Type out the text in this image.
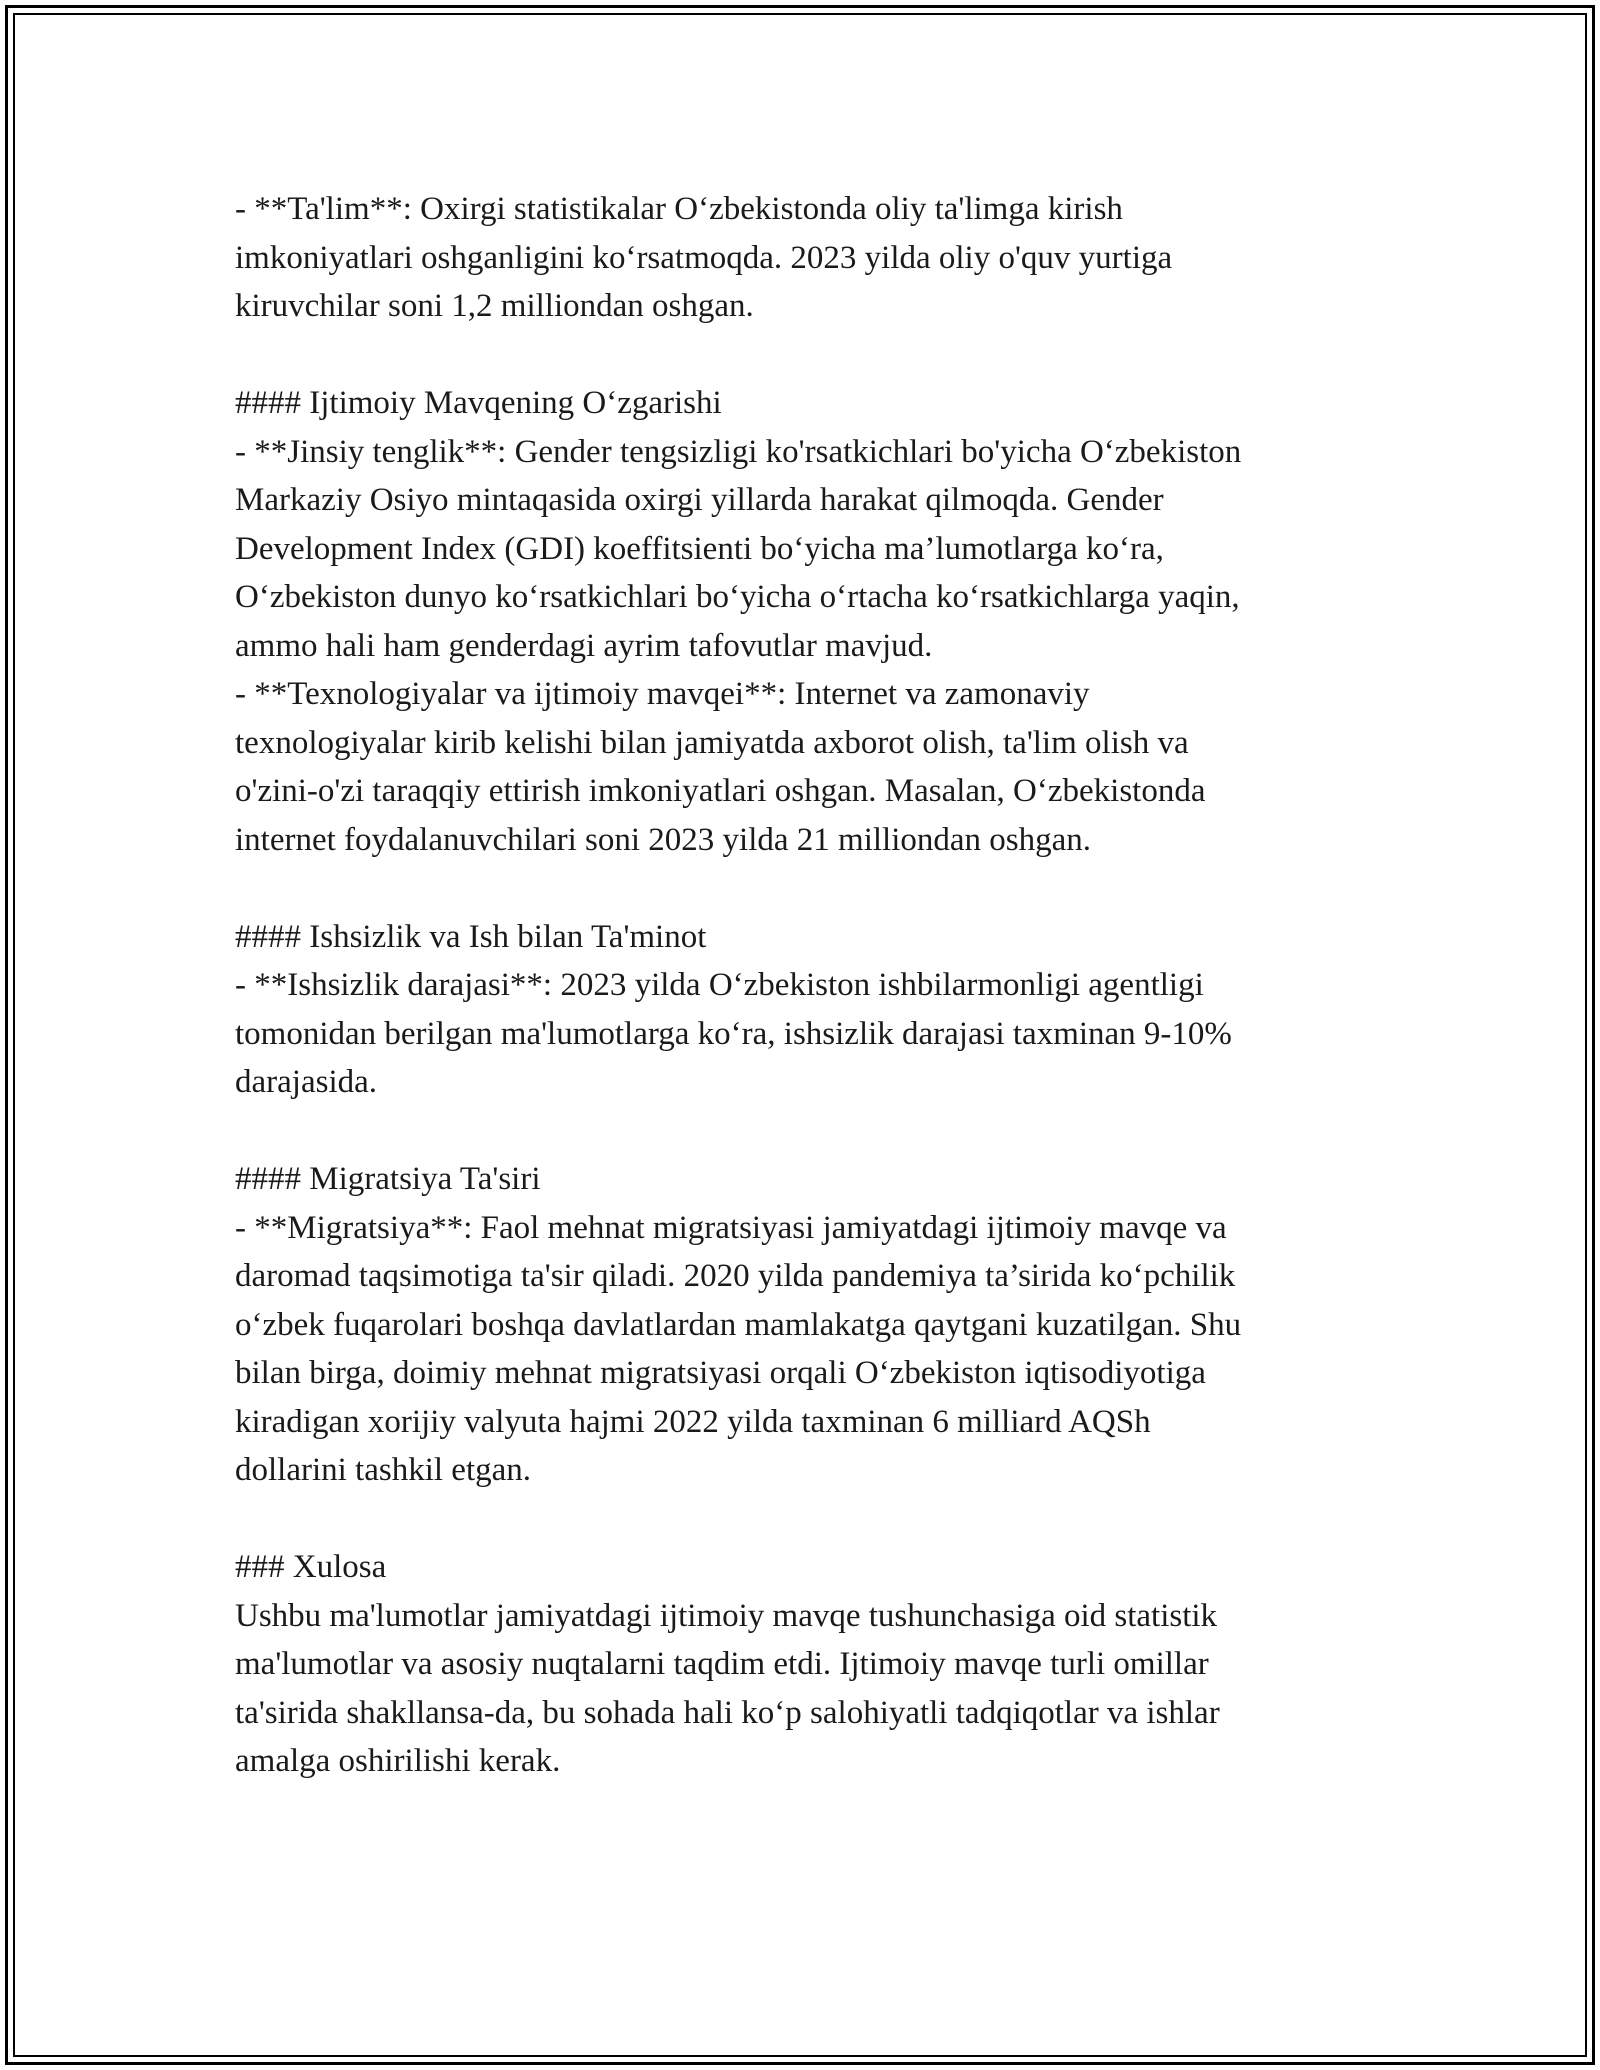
- **Ta'lim**: Oxirgi statistikalar O‘zbekistonda oliy ta'limga kirish
imkoniyatlari oshganligini ko‘rsatmoqda. 2023 yilda oliy o'quv yurtiga
kiruvchilar soni 1,2 milliondan oshgan.
#### Ijtimoiy Mavqening O‘zgarishi
- **Jinsiy tenglik**: Gender tengsizligi ko'rsatkichlari bo'yicha O‘zbekiston
Markaziy Osiyo mintaqasida oxirgi yillarda harakat qilmoqda. Gender
Development Index (GDI) koeffitsienti bo‘yicha ma’lumotlarga ko‘ra,
O‘zbekiston dunyo ko‘rsatkichlari bo‘yicha o‘rtacha ko‘rsatkichlarga yaqin,
ammo hali ham genderdagi ayrim tafovutlar mavjud.
- **Texnologiyalar va ijtimoiy mavqei**: Internet va zamonaviy
texnologiyalar kirib kelishi bilan jamiyatda axborot olish, ta'lim olish va
o'zini-o'zi taraqqiy ettirish imkoniyatlari oshgan. Masalan, O‘zbekistonda
internet foydalanuvchilari soni 2023 yilda 21 milliondan oshgan.
#### Ishsizlik va Ish bilan Ta'minot
- **Ishsizlik darajasi**: 2023 yilda O‘zbekiston ishbilarmonligi agentligi
tomonidan berilgan ma'lumotlarga ko‘ra, ishsizlik darajasi taxminan 9-10%
darajasida.
#### Migratsiya Ta'siri
- **Migratsiya**: Faol mehnat migratsiyasi jamiyatdagi ijtimoiy mavqe va
daromad taqsimotiga ta'sir qiladi. 2020 yilda pandemiya ta’sirida ko‘pchilik
o‘zbek fuqarolari boshqa davlatlardan mamlakatga qaytgani kuzatilgan. Shu
bilan birga, doimiy mehnat migratsiyasi orqali O‘zbekiston iqtisodiyotiga
kiradigan xorijiy valyuta hajmi 2022 yilda taxminan 6 milliard AQSh
dollarini tashkil etgan.
### Xulosa
Ushbu ma'lumotlar jamiyatdagi ijtimoiy mavqe tushunchasiga oid statistik
ma'lumotlar va asosiy nuqtalarni taqdim etdi. Ijtimoiy mavqe turli omillar
ta'sirida shakllansa-da, bu sohada hali ko‘p salohiyatli tadqiqotlar va ishlar
amalga oshirilishi kerak.
